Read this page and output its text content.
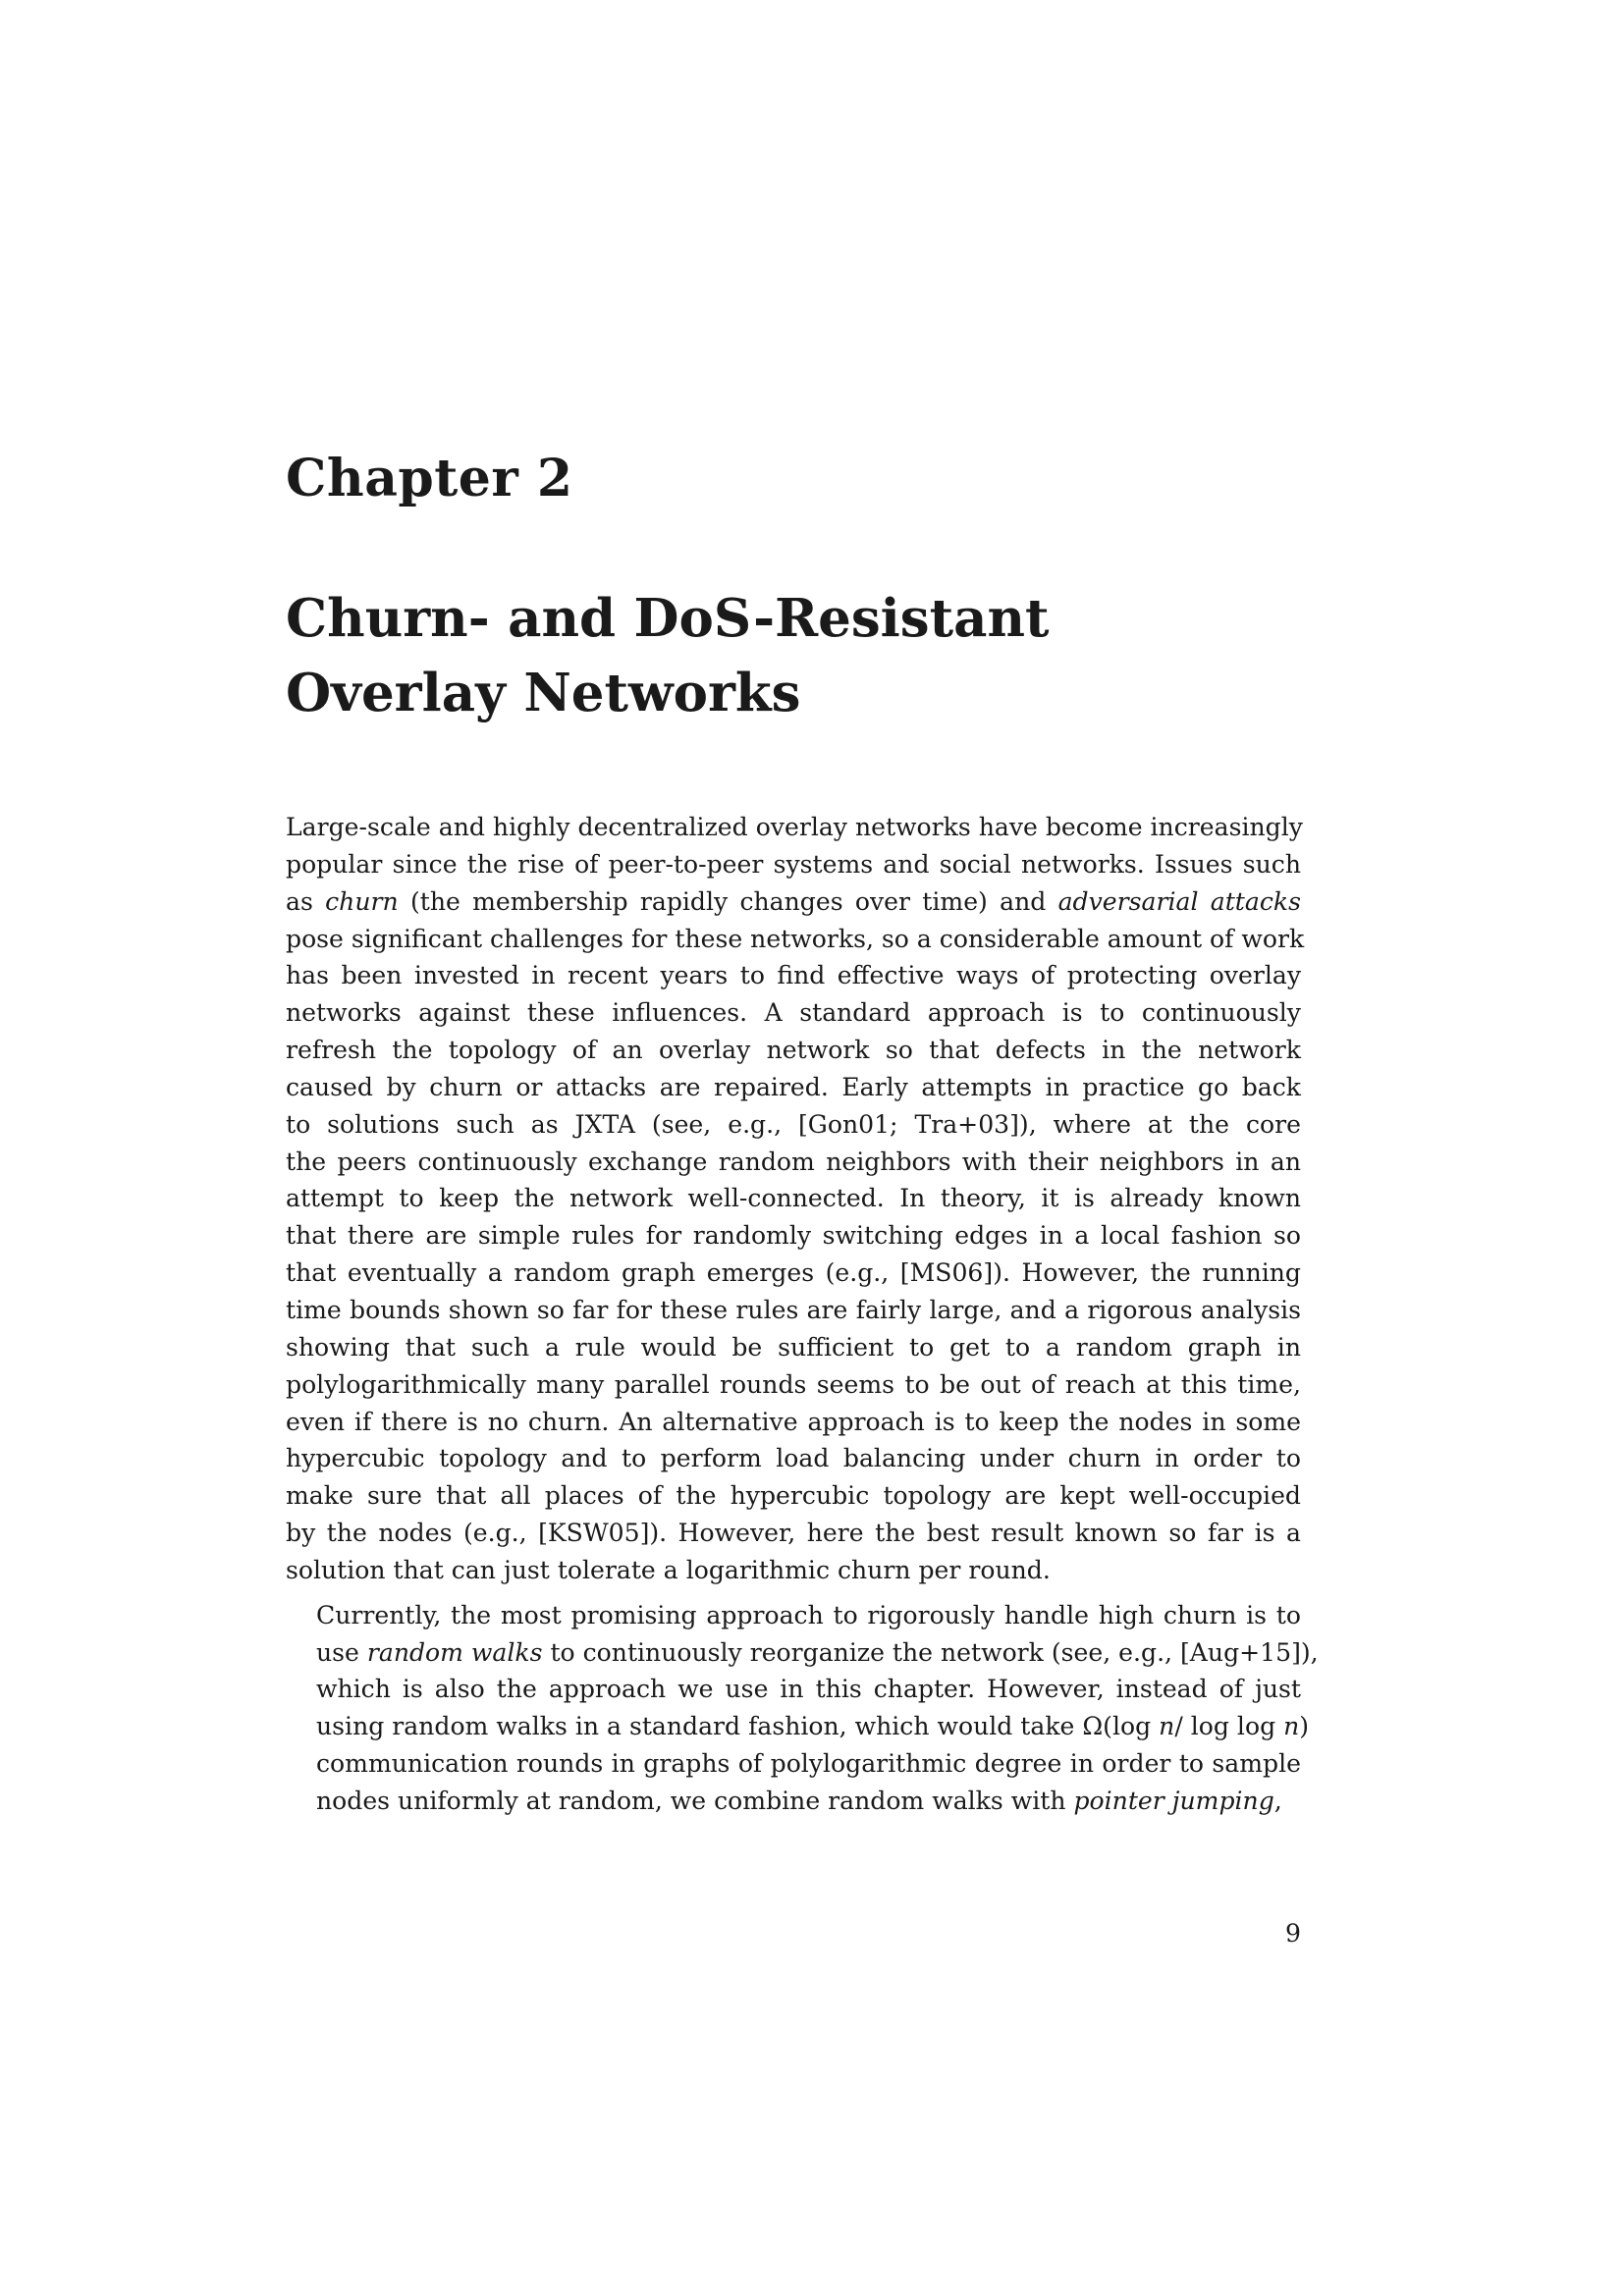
Chapter 2
Churn- and DoS-Resistant
Overlay Networks

Large-scale and highly decentralized overlay networks have become increasingly
popular since the rise of peer-to-peer systems and social networks. Issues such
as churn (the membership rapidly changes over time) and adversarial attacks
pose significant challenges for these networks, so a considerable amount of work
has been invested in recent years to find effective ways of protecting overlay
networks against these influences. A standard approach is to continuously
refresh the topology of an overlay network so that defects in the network
caused by churn or attacks are repaired. Early attempts in practice go back
to solutions such as JXTA (see, e.g., [Gon01; Tra+03]), where at the core
the peers continuously exchange random neighbors with their neighbors in an
attempt to keep the network well-connected. In theory, it is already known
that there are simple rules for randomly switching edges in a local fashion so
that eventually a random graph emerges (e.g., [MS06]). However, the running
time bounds shown so far for these rules are fairly large, and a rigorous analysis
showing that such a rule would be sufficient to get to a random graph in
polylogarithmically many parallel rounds seems to be out of reach at this time,
even if there is no churn. An alternative approach is to keep the nodes in some
hypercubic topology and to perform load balancing under churn in order to
make sure that all places of the hypercubic topology are kept well-occupied
by the nodes (e.g., [KSW05]). However, here the best result known so far is a
solution that can just tolerate a logarithmic churn per round.

Currently, the most promising approach to rigorously handle high churn is to
use random walks to continuously reorganize the network (see, e.g., [Aug+15]),
which is also the approach we use in this chapter. However, instead of just
using random walks in a standard fashion, which would take Ω(log n/ log log n)
communication rounds in graphs of polylogarithmic degree in order to sample
nodes uniformly at random, we combine random walks with pointer jumping,

9
